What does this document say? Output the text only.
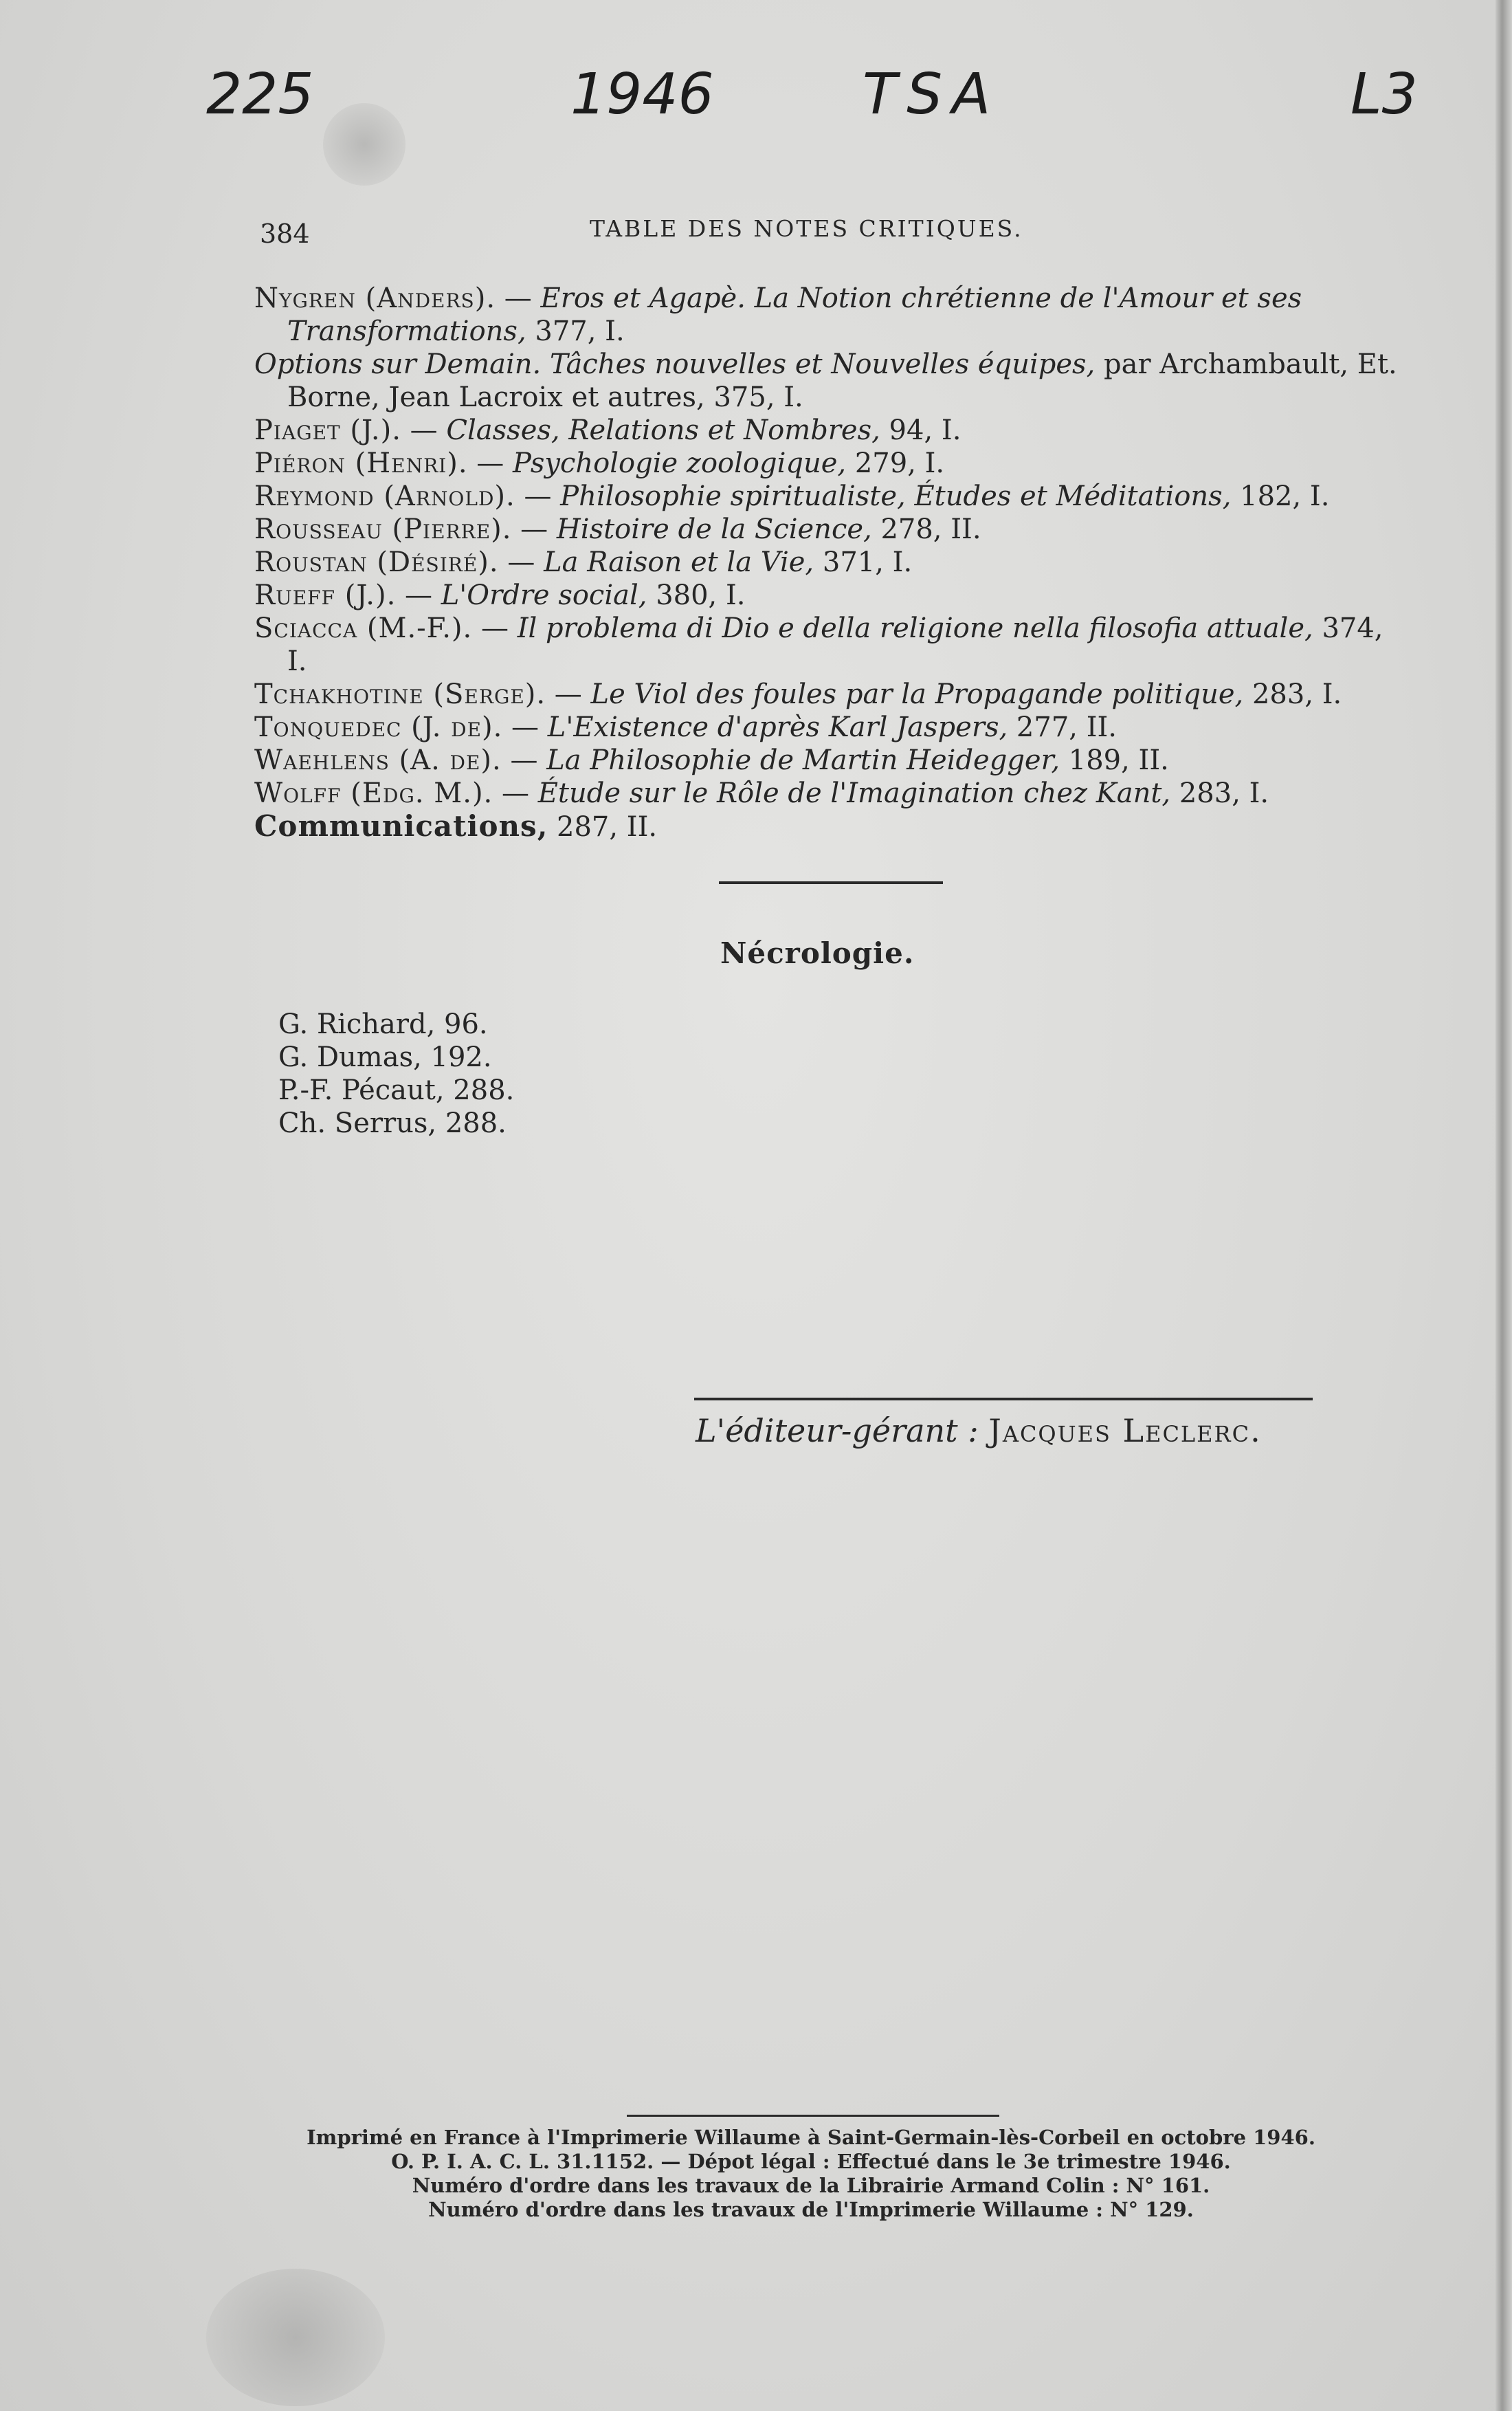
225	1946	TSA	L3
384	TABLE DES NOTES CRITIQUES.

Nygren (Anders). — Eros et Agapè. La Notion chrétienne de l'Amour et ses Transformations, 377, I.

Options sur Demain. Tâches nouvelles et Nouvelles équipes, par Archambault, Et. Borne, Jean Lacroix et autres, 375, I.

Piaget (J.). — Classes, Relations et Nombres, 94, I.

Piéron (Henri). — Psychologie zoologique, 279, I.

Reymond (Arnold). — Philosophie spiritualiste, Études et Méditations, 182, I.

Rousseau (Pierre). — Histoire de la Science, 278, II.

Roustan (Désiré). — La Raison et la Vie, 371, I.

Rueff (J.). — L'Ordre social, 380, I.

Sciacca (M.-F.). — Il problema di Dio e della religione nella filosofia attuale, 374, I.

Tchakhotine (Serge). — Le Viol des foules par la Propagande politique, 283, I.

Tonquedec (J. de). — L'Existence d'après Karl Jaspers, 277, II.

Waehlens (A. de). — La Philosophie de Martin Heidegger, 189, II.

Wolff (Edg. M.). — Étude sur le Rôle de l'Imagination chez Kant, 283, I.

Communications, 287, II.

Nécrologie.
G. Richard, 96.
G. Dumas, 192.
P.-F. Pécaut, 288.
Ch. Serrus, 288.
L'éditeur-gérant : Jacques Leclerc.
Imprimé en France à l'Imprimerie Willaume à Saint-Germain-lès-Corbeil en octobre 1946.
O. P. I. A. C. L. 31.1152. — Dépot légal : Effectué dans le 3e trimestre 1946.
Numéro d'ordre dans les travaux de la Librairie Armand Colin : N° 161.
Numéro d'ordre dans les travaux de l'Imprimerie Willaume : N° 129.
